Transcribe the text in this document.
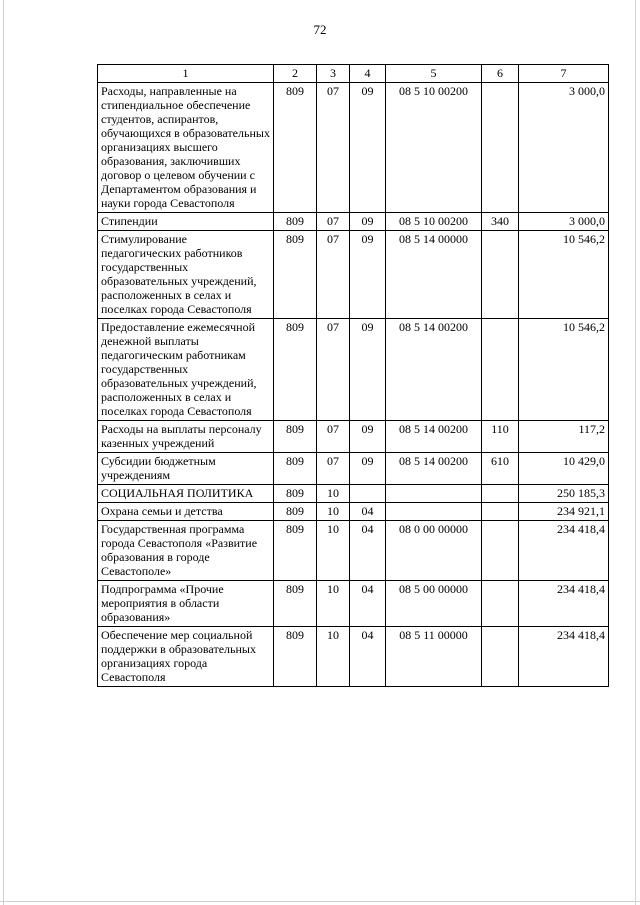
72
1	2	3	4	5	6	7
Расходы, направленные на стипендиальное обеспечение студентов, аспирантов, обучающихся в образовательных организациях высшего образования, заключивших договор о целевом обучении с Департаментом образования и науки города Севастополя	809	07	09	08 5 10 00200		3 000,0
Стипендии	809	07	09	08 5 10 00200	340	3 000,0
Стимулирование педагогических работников государственных образовательных учреждений, расположенных в селах и поселках города Севастополя	809	07	09	08 5 14 00000		10 546,2
Предоставление ежемесячной денежной выплаты педагогическим работникам государственных образовательных учреждений, расположенных в селах и поселках города Севастополя	809	07	09	08 5 14 00200		10 546,2
Расходы на выплаты персоналу казенных учреждений	809	07	09	08 5 14 00200	110	117,2
Субсидии бюджетным учреждениям	809	07	09	08 5 14 00200	610	10 429,0
СОЦИАЛЬНАЯ ПОЛИТИКА	809	10				250 185,3
Охрана семьи и детства	809	10	04			234 921,1
Государственная программа города Севастополя «Развитие образования в городе Севастополе»	809	10	04	08 0 00 00000		234 418,4
Подпрограмма «Прочие мероприятия в области образования»	809	10	04	08 5 00 00000		234 418,4
Обеспечение мер социальной поддержки в образовательных организациях города Севастополя	809	10	04	08 5 11 00000		234 418,4
